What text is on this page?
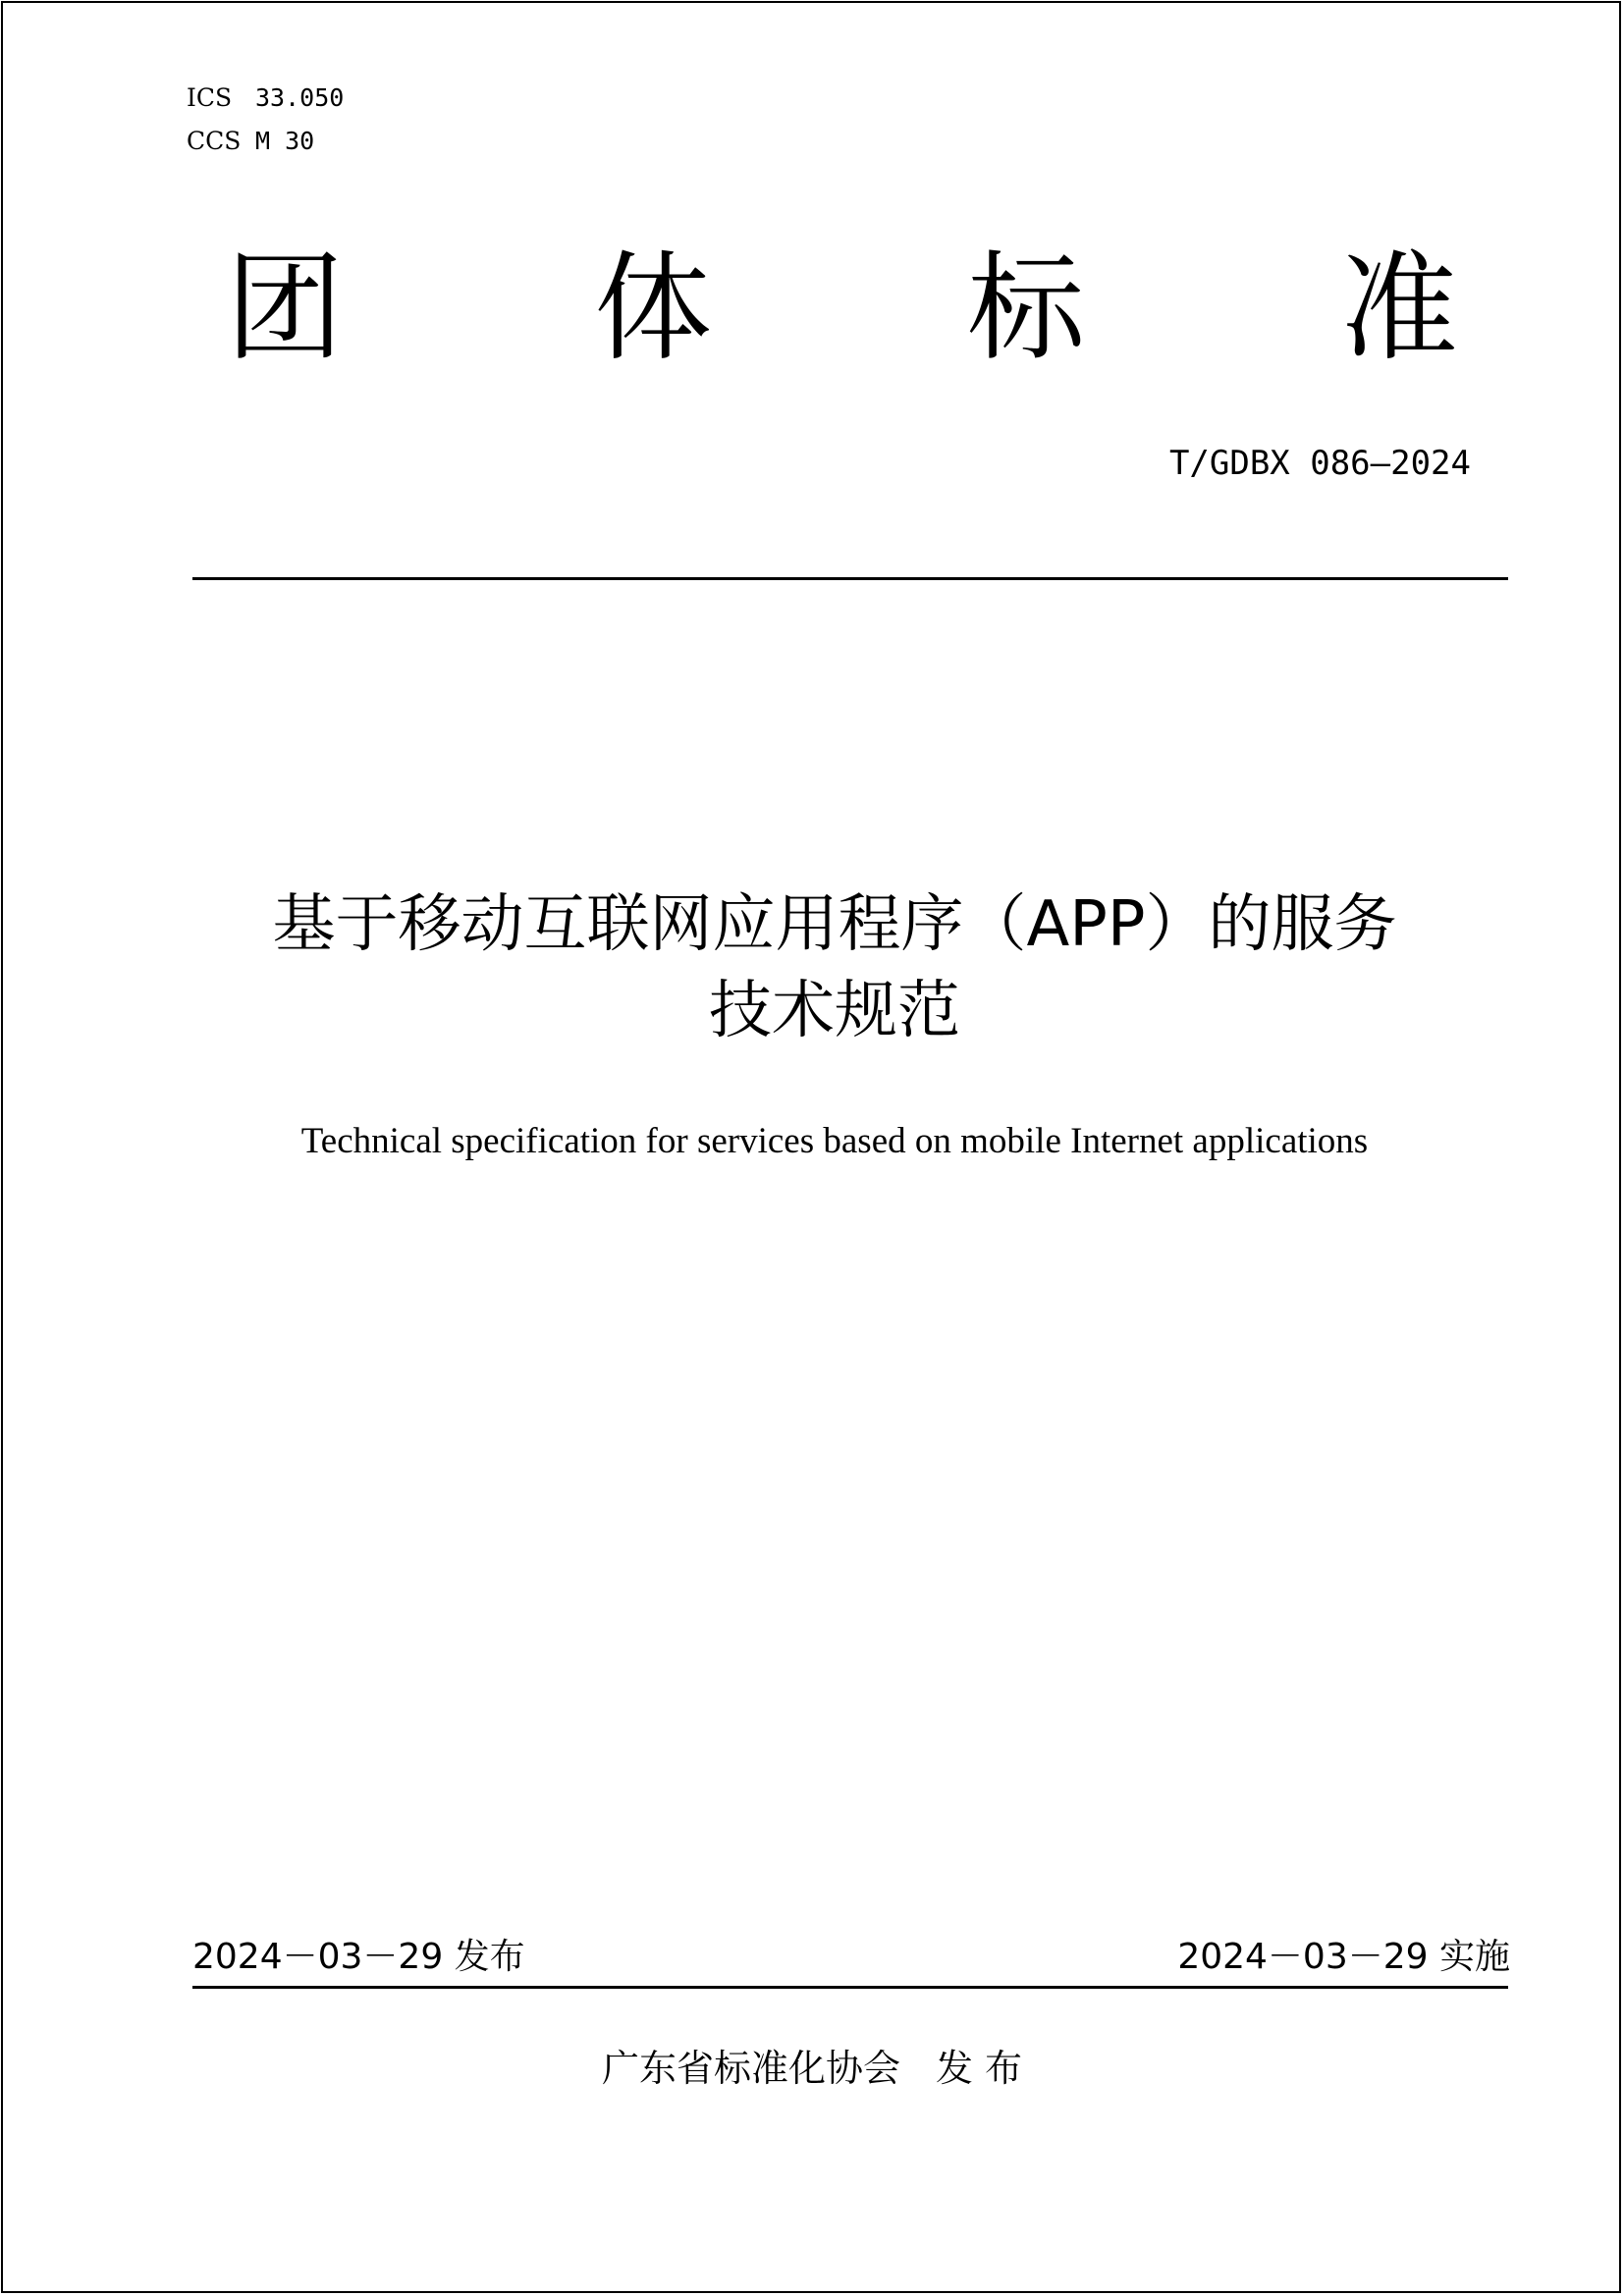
ICS 33.050
CCS M 30
团 体 标 准
T/GDBX 086—2024
基于移动互联网应用程序（APP）的服务
技术规范
Technical specification for services based on mobile Internet applications
2024－03－29 发布	2024－03－29 实施
广东省标准化协会 发 布
